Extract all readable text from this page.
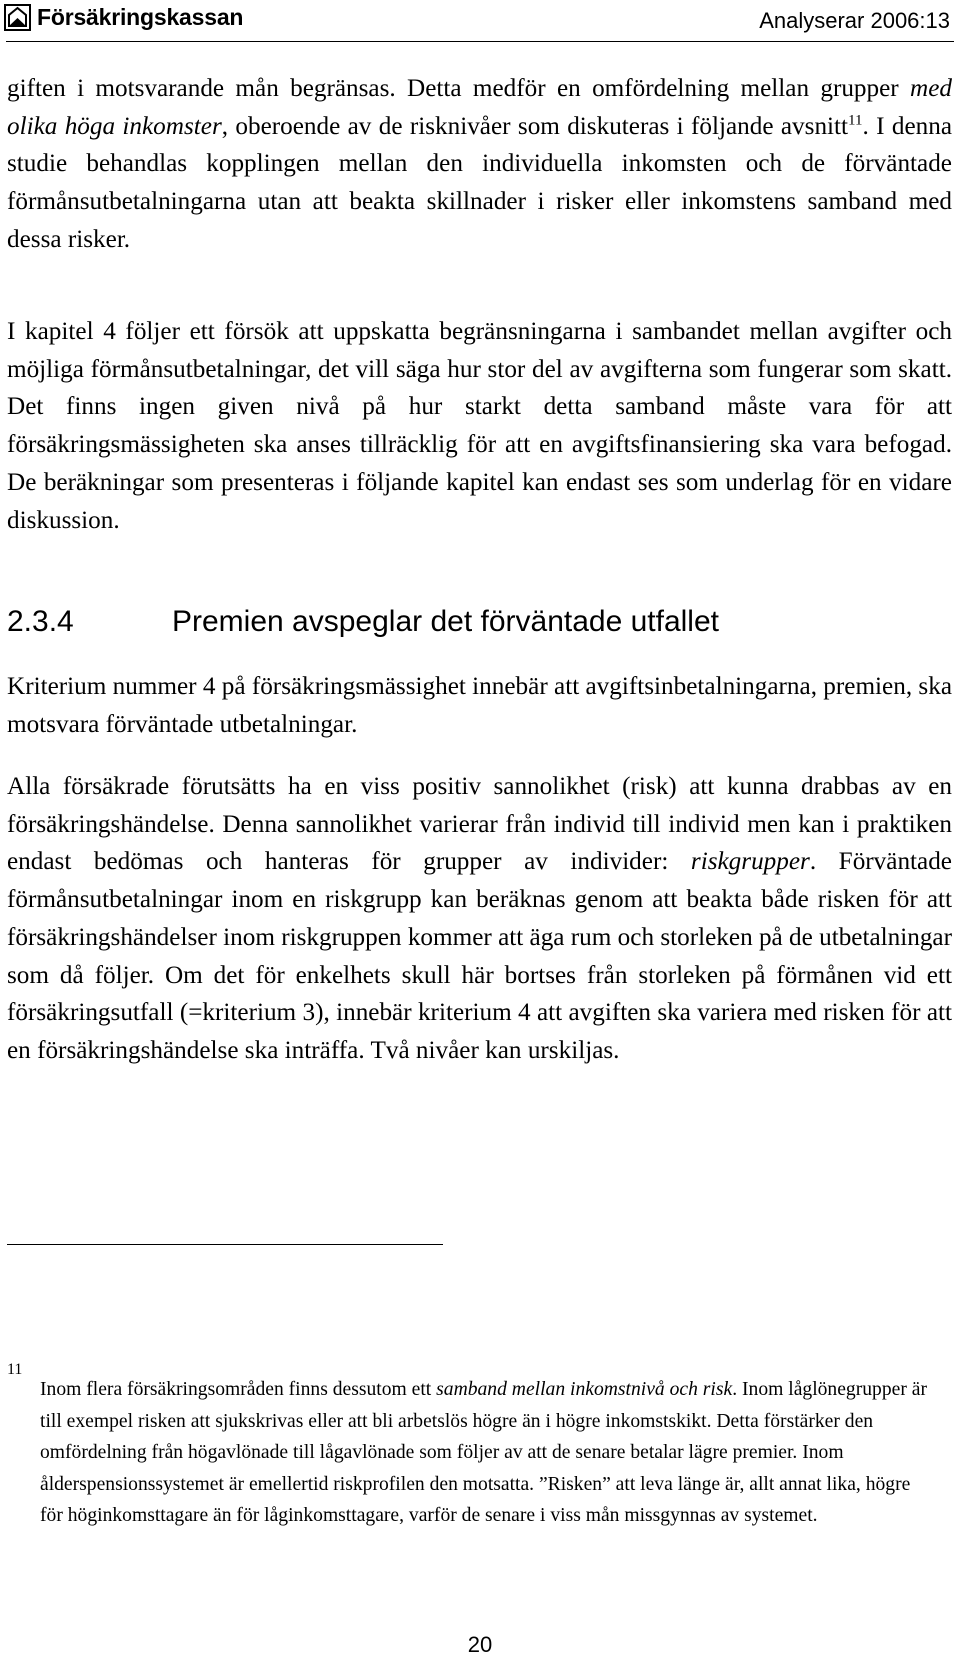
Försäkringskassan	Analyserar 2006:13

giften i motsvarande mån begränsas. Detta medför en omfördelning mellan grupper med olika höga inkomster, oberoende av de risknivåer som diskuteras i följande avsnitt$^{11}$. I denna studie behandlas kopplingen mellan den individuella inkomsten och de förväntade förmånsutbetalningarna utan att beakta skillnader i risker eller inkomstens samband med dessa risker.

I kapitel 4 följer ett försök att uppskatta begränsningarna i sambandet mellan avgifter och möjliga förmånsutbetalningar, det vill säga hur stor del av avgifterna som fungerar som skatt. Det finns ingen given nivå på hur starkt detta samband måste vara för att försäkringsmässigheten ska anses tillräcklig för att en avgiftsfinansiering ska vara befogad. De beräkningar som presenteras i följande kapitel kan endast ses som underlag för en vidare diskussion.

2.3.4	Premien avspeglar det förväntade utfallet

Kriterium nummer 4 på försäkringsmässighet innebär att avgiftsinbetalningarna, premien, ska motsvara förväntade utbetalningar.

Alla försäkrade förutsätts ha en viss positiv sannolikhet (risk) att kunna drabbas av en försäkringshändelse. Denna sannolikhet varierar från individ till individ men kan i praktiken endast bedömas och hanteras för grupper av individer: riskgrupper. Förväntade förmånsutbetalningar inom en riskgrupp kan beräknas genom att beakta både risken för att försäkringshändelser inom riskgruppen kommer att äga rum och storleken på de utbetalningar som då följer. Om det för enkelhets skull här bortses från storleken på förmånen vid ett försäkringsutfall (=kriterium 3), innebär kriterium 4 att avgiften ska variera med risken för att en försäkringshändelse ska inträffa. Två nivåer kan urskiljas.

11

Inom flera försäkringsområden finns dessutom ett samband mellan inkomstnivå och risk. Inom låglönegrupper är till exempel risken att sjukskrivas eller att bli arbetslös högre än i högre inkomstskikt. Detta förstärker den omfördelning från högavlönade till lågavlönade som följer av att de senare betalar lägre premier. Inom ålderspensionssystemet är emellertid riskprofilen den motsatta. ”Risken” att leva länge är, allt annat lika, högre för höginkomsttagare än för låginkomsttagare, varför de senare i viss mån missgynnas av systemet.

20
